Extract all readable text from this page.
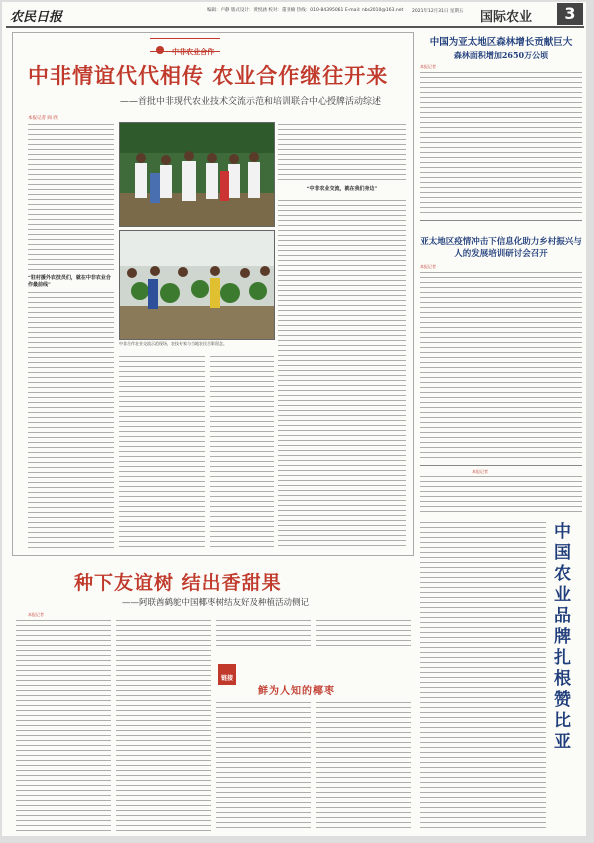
农民日报	编辑：卢静 版式设计：黄悦涵 校对：董亚楠 热线：010-84395061 E-mail: nbs2010@163.net	2021年12月31日 星期五 国际农业	3
中非农业合作
中非情谊代代相传 农业合作继往开来
——首批中非现代农业技术交流示范和培训联合中心授牌活动综述
本报记者 阎 欣
“驻村援外农技员们，就在中非农业合作最前线”
中非合作农业交流示范现场，农技专家与当地农民合影留念。
“中非农业交流，就在我们身边”
中国为亚太地区森林增长贡献巨大
森林面积增加2650万公顷
本报记者
亚太地区疫情冲击下信息化助力乡村振兴与人的发展培训研讨会召开
本报记者
本报记者
中国农业品牌扎根赞比亚
种下友谊树 结出香甜果
——阿联酋鹤鸵中国椰枣树结友好及种植活动侧记
本报记者
链接
鲜为人知的椰枣
